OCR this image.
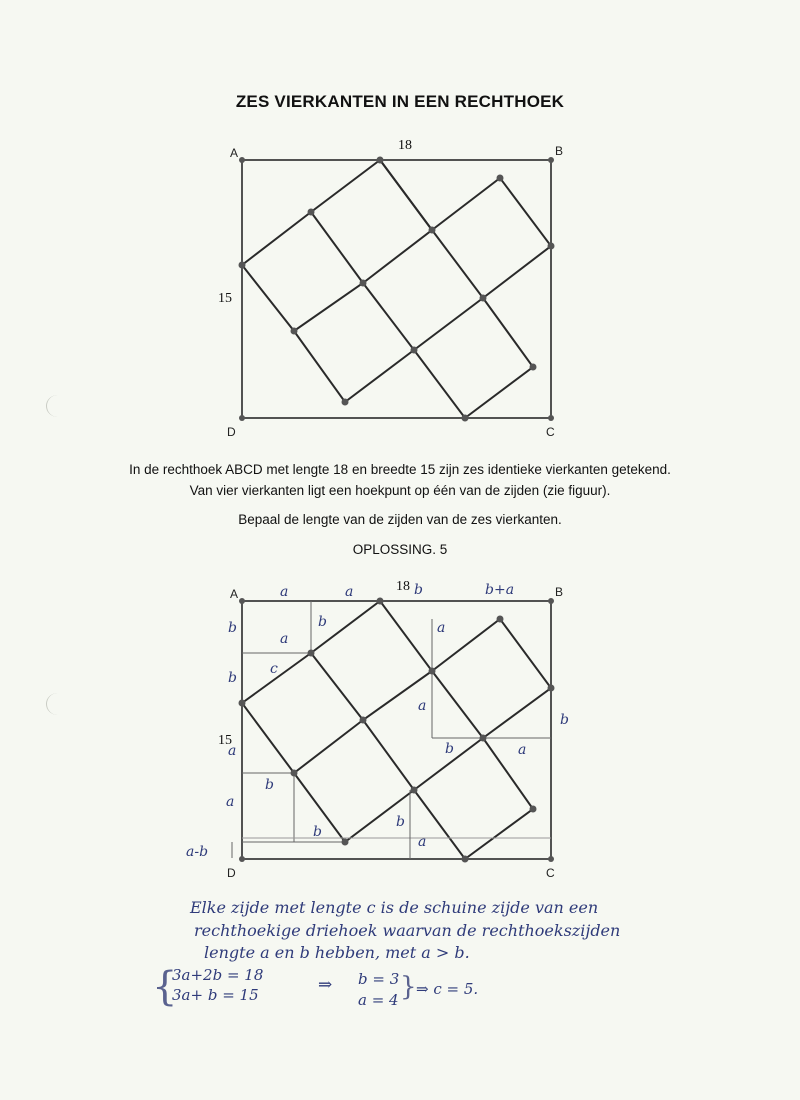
ZES VIERKANTEN IN EEN RECHTHOEK
A	B
C
D
18
15
In de rechthoek ABCD met lengte 18 en breedte 15 zijn zes identieke vierkanten getekend.
Van vier vierkanten ligt een hoekpunt op één van de zijden (zie figuur).
Bepaal de lengte van de zijden van de zes vierkanten.
OPLOSSING. 5
A	B
C
D
18
15
a	a	b	b+a
b
b
a
a
a-b
a
b
c
a
a
b
b
a
b
b
b
a
Elke zijde met lengte c is de schuine zijde van een
rechthoekige driehoek waarvan de rechthoekszijden
lengte a en b hebben, met a > b.
{
3a+2b = 18
3a+ b = 15	⇒ b = 3
a = 4 } ⇒ c = 5.
